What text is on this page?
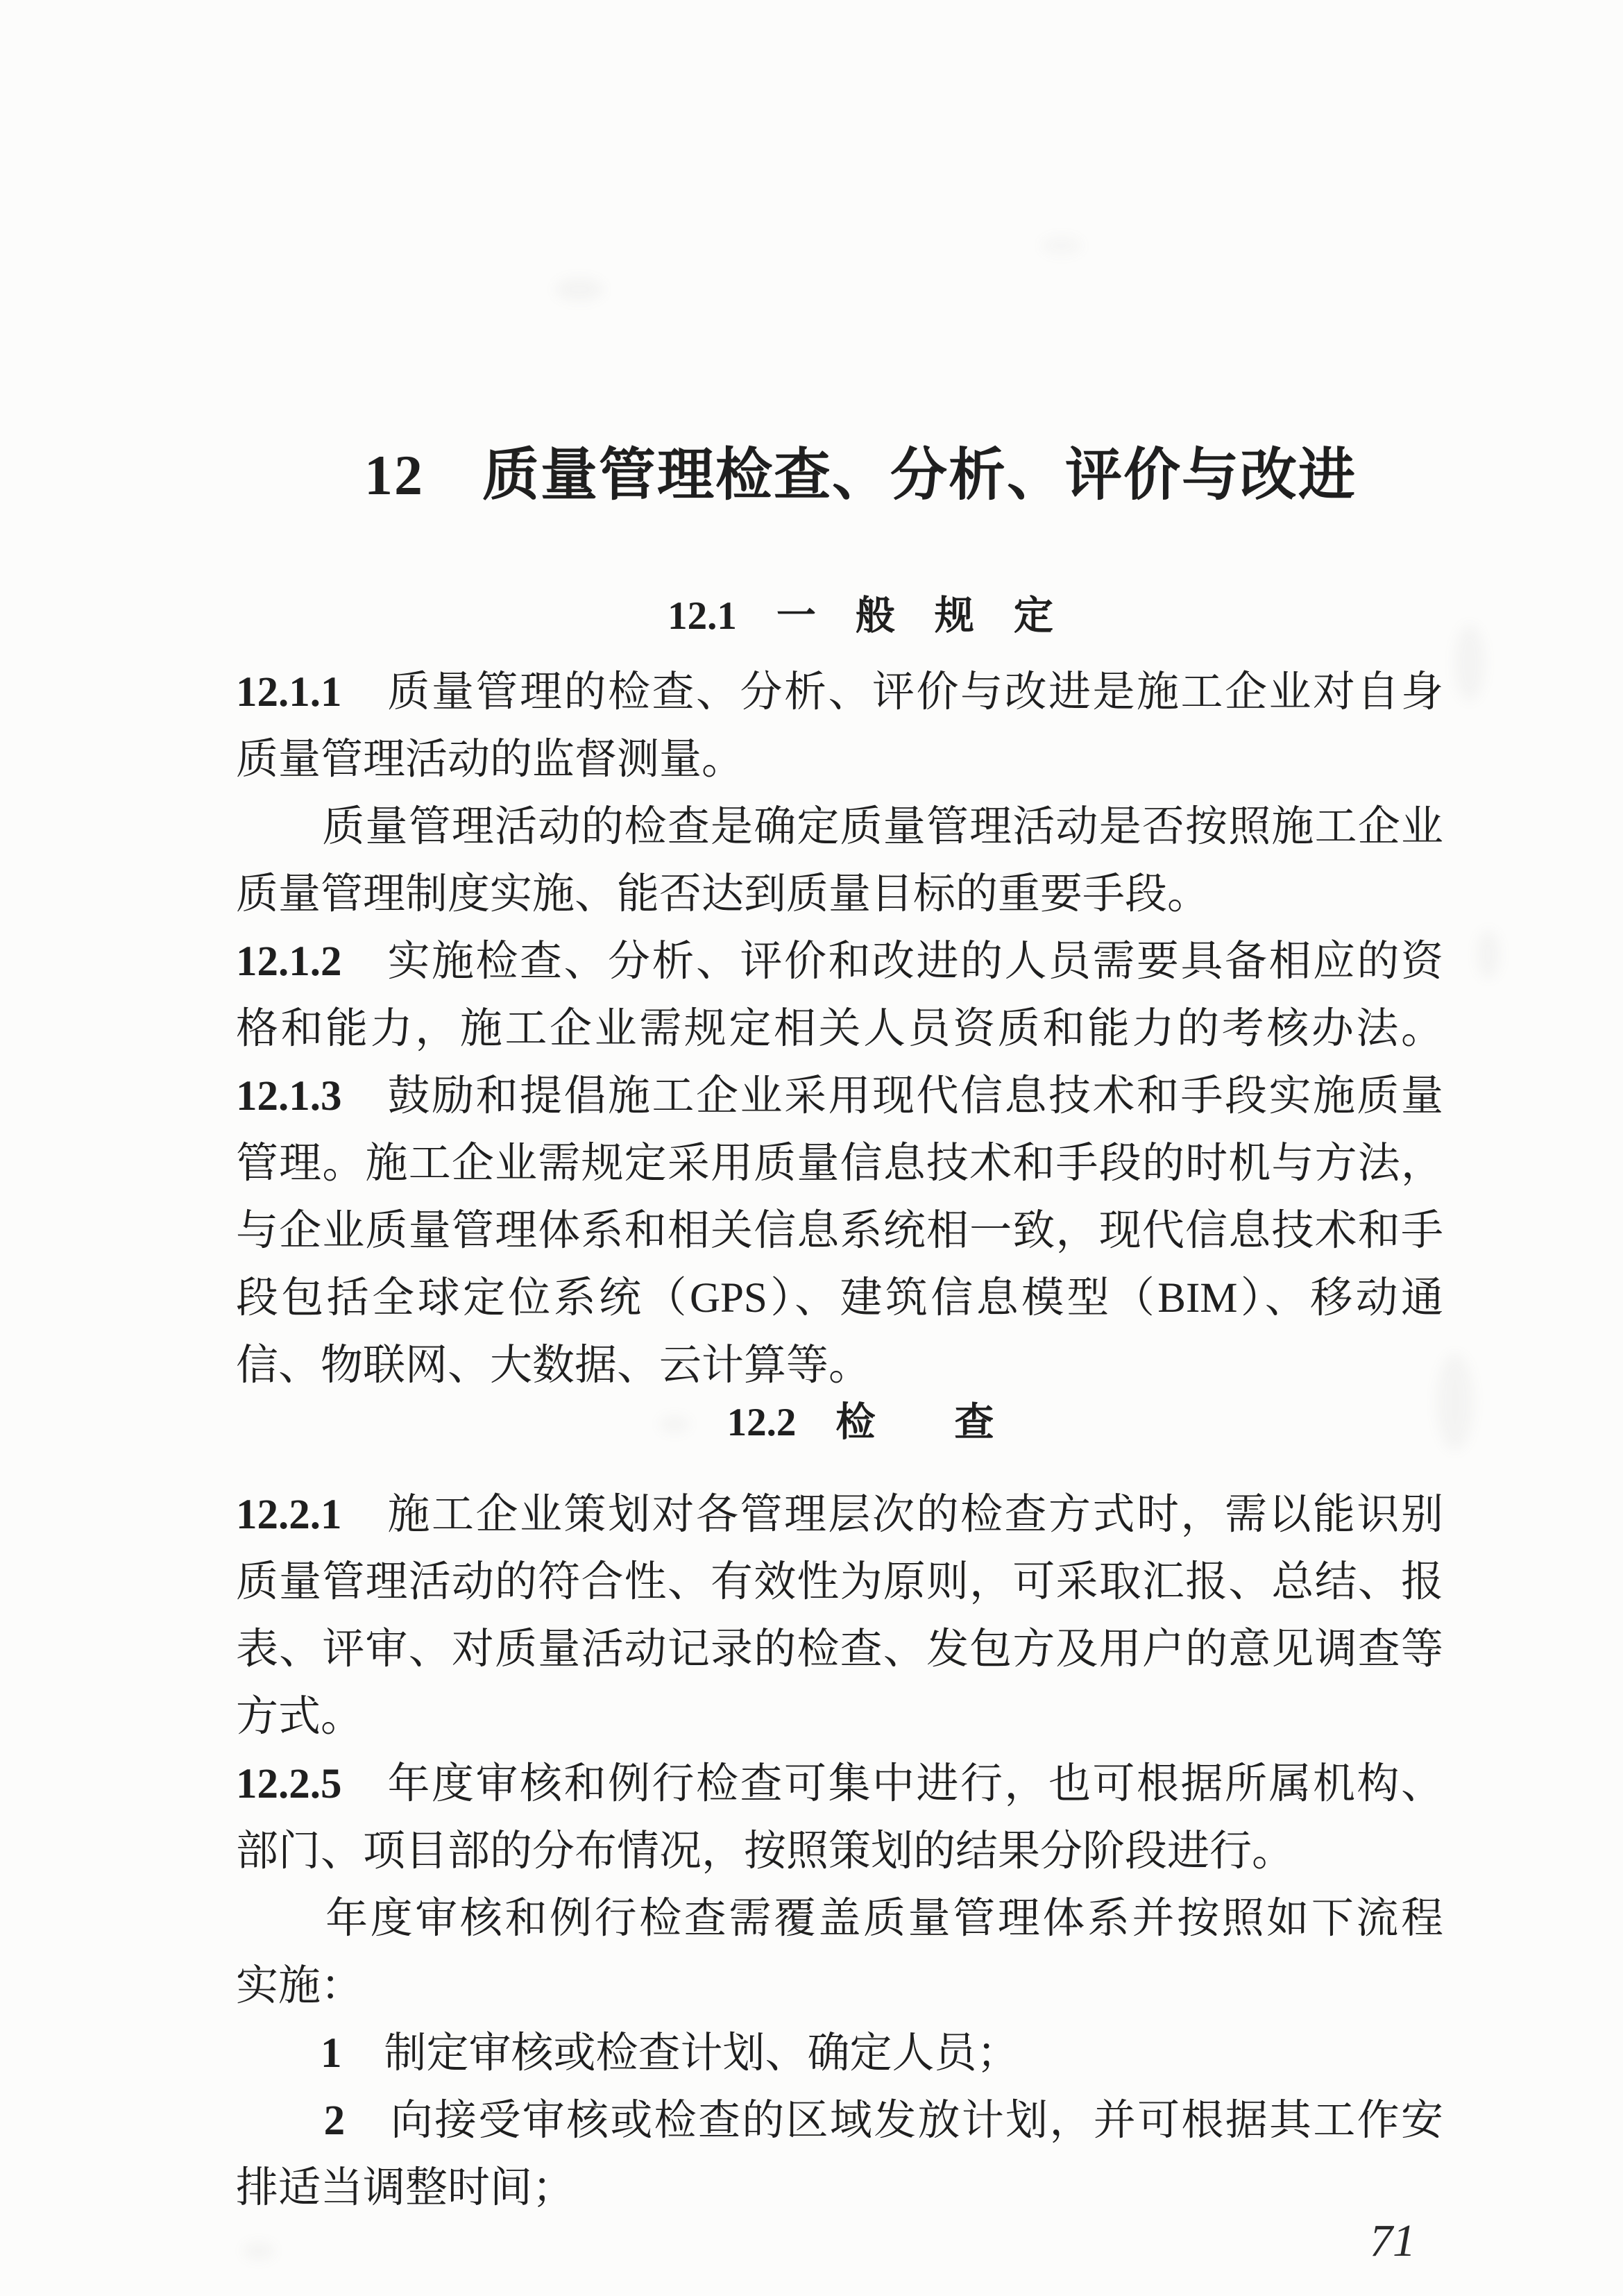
12　质量管理检查、分析、评价与改进
12.1　一　般　规　定
12.1.1　质量管理的检查、分析、评价与改进是施工企业对自身
质量管理活动的监督测量。
　　质量管理活动的检查是确定质量管理活动是否按照施工企业
质量管理制度实施、能否达到质量目标的重要手段。
12.1.2　实施检查、分析、评价和改进的人员需要具备相应的资
格和能力，施工企业需规定相关人员资质和能力的考核办法。
12.1.3　鼓励和提倡施工企业采用现代信息技术和手段实施质量
管理。施工企业需规定采用质量信息技术和手段的时机与方法，
与企业质量管理体系和相关信息系统相一致，现代信息技术和手
段包括全球定位系统（GPS）、建筑信息模型（BIM）、移动通
信、物联网、大数据、云计算等。
12.2　检　　查
12.2.1　施工企业策划对各管理层次的检查方式时，需以能识别
质量管理活动的符合性、有效性为原则，可采取汇报、总结、报
表、评审、对质量活动记录的检查、发包方及用户的意见调查等
方式。
12.2.5　年度审核和例行检查可集中进行，也可根据所属机构、
部门、项目部的分布情况，按照策划的结果分阶段进行。
　　年度审核和例行检查需覆盖质量管理体系并按照如下流程
实施：
　　1　制定审核或检查计划、确定人员；
　　2　向接受审核或检查的区域发放计划，并可根据其工作安
排适当调整时间；
71
